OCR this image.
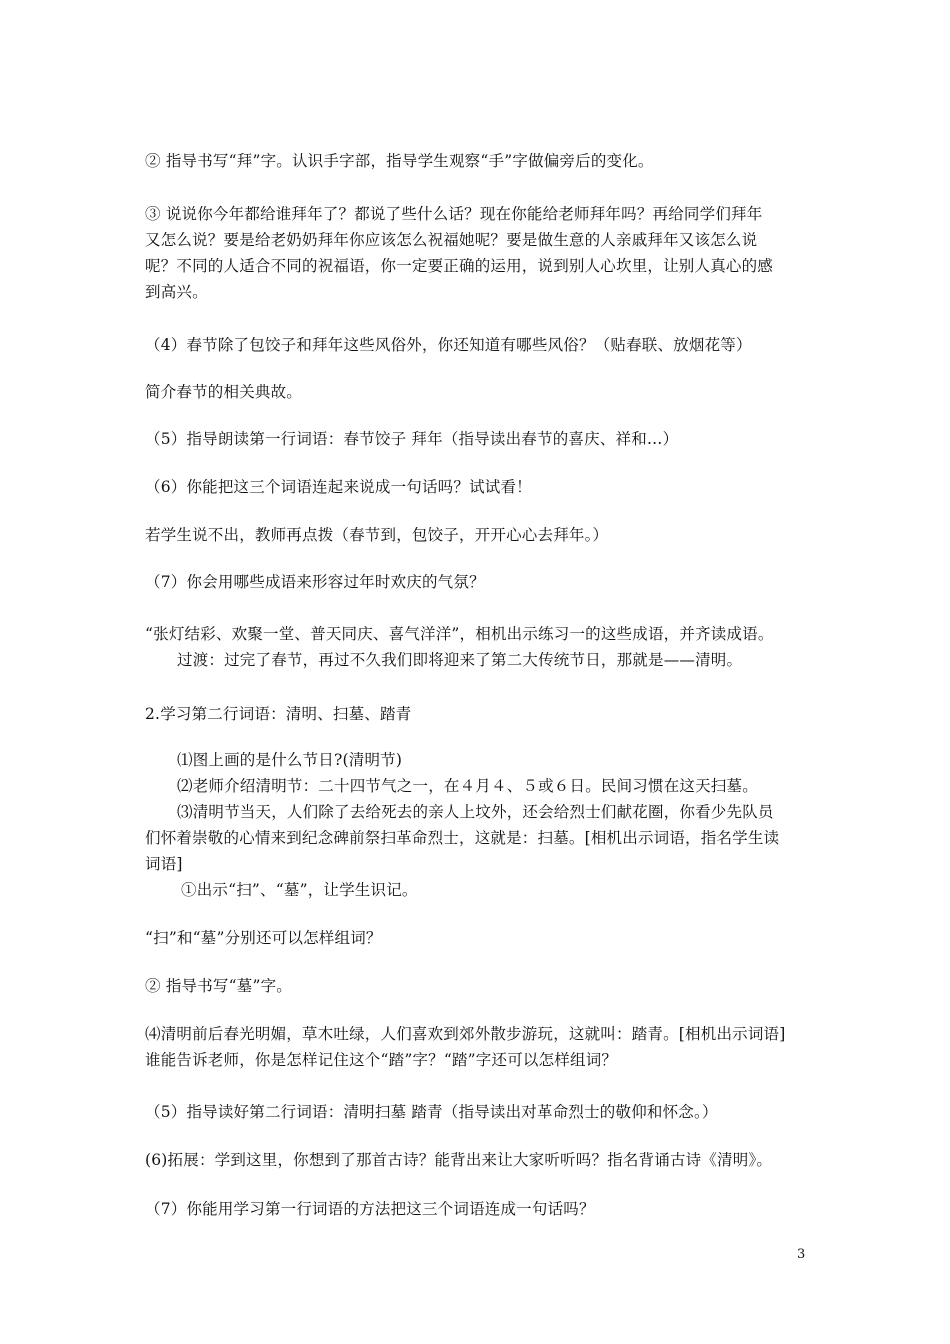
② 指导书写“拜”字。认识手字部，指导学生观察“手”字做偏旁后的变化。
③ 说说你今年都给谁拜年了？都说了些什么话？现在你能给老师拜年吗？再给同学们拜年
又怎么说？要是给老奶奶拜年你应该怎么祝福她呢？要是做生意的人亲戚拜年又该怎么说
呢？不同的人适合不同的祝福语，你一定要正确的运用，说到别人心坎里，让别人真心的感
到高兴。
（4）春节除了包饺子和拜年这些风俗外，你还知道有哪些风俗？（贴春联、放烟花等）
简介春节的相关典故。
（5）指导朗读第一行词语：春节饺子 拜年（指导读出春节的喜庆、祥和…）
（6）你能把这三个词语连起来说成一句话吗？试试看！
若学生说不出，教师再点拨（春节到，包饺子，开开心心去拜年。）
（7）你会用哪些成语来形容过年时欢庆的气氛？
“张灯结彩、欢聚一堂、普天同庆、喜气洋洋”，相机出示练习一的这些成语，并齐读成语。
过渡：过完了春节，再过不久我们即将迎来了第二大传统节日，那就是——清明。
2.学习第二行词语：清明、扫墓、踏青
⑴图上画的是什么节日?(清明节)
⑵老师介绍清明节：二十四节气之一，在４月４、５或６日。民间习惯在这天扫墓。
⑶清明节当天，人们除了去给死去的亲人上坟外，还会给烈士们献花圈，你看少先队员
们怀着崇敬的心情来到纪念碑前祭扫革命烈士，这就是：扫墓。[相机出示词语，指名学生读
词语]
①出示“扫”、“墓”，让学生识记。
“扫”和“墓”分别还可以怎样组词？
② 指导书写“墓”字。
⑷清明前后春光明媚，草木吐绿，人们喜欢到郊外散步游玩，这就叫：踏青。[相机出示词语]
谁能告诉老师，你是怎样记住这个“踏”字？“踏”字还可以怎样组词？
（5）指导读好第二行词语：清明扫墓 踏青（指导读出对革命烈士的敬仰和怀念。）
(6)拓展：学到这里，你想到了那首古诗？能背出来让大家听听吗？指名背诵古诗《清明》。
（7）你能用学习第一行词语的方法把这三个词语连成一句话吗？
3
